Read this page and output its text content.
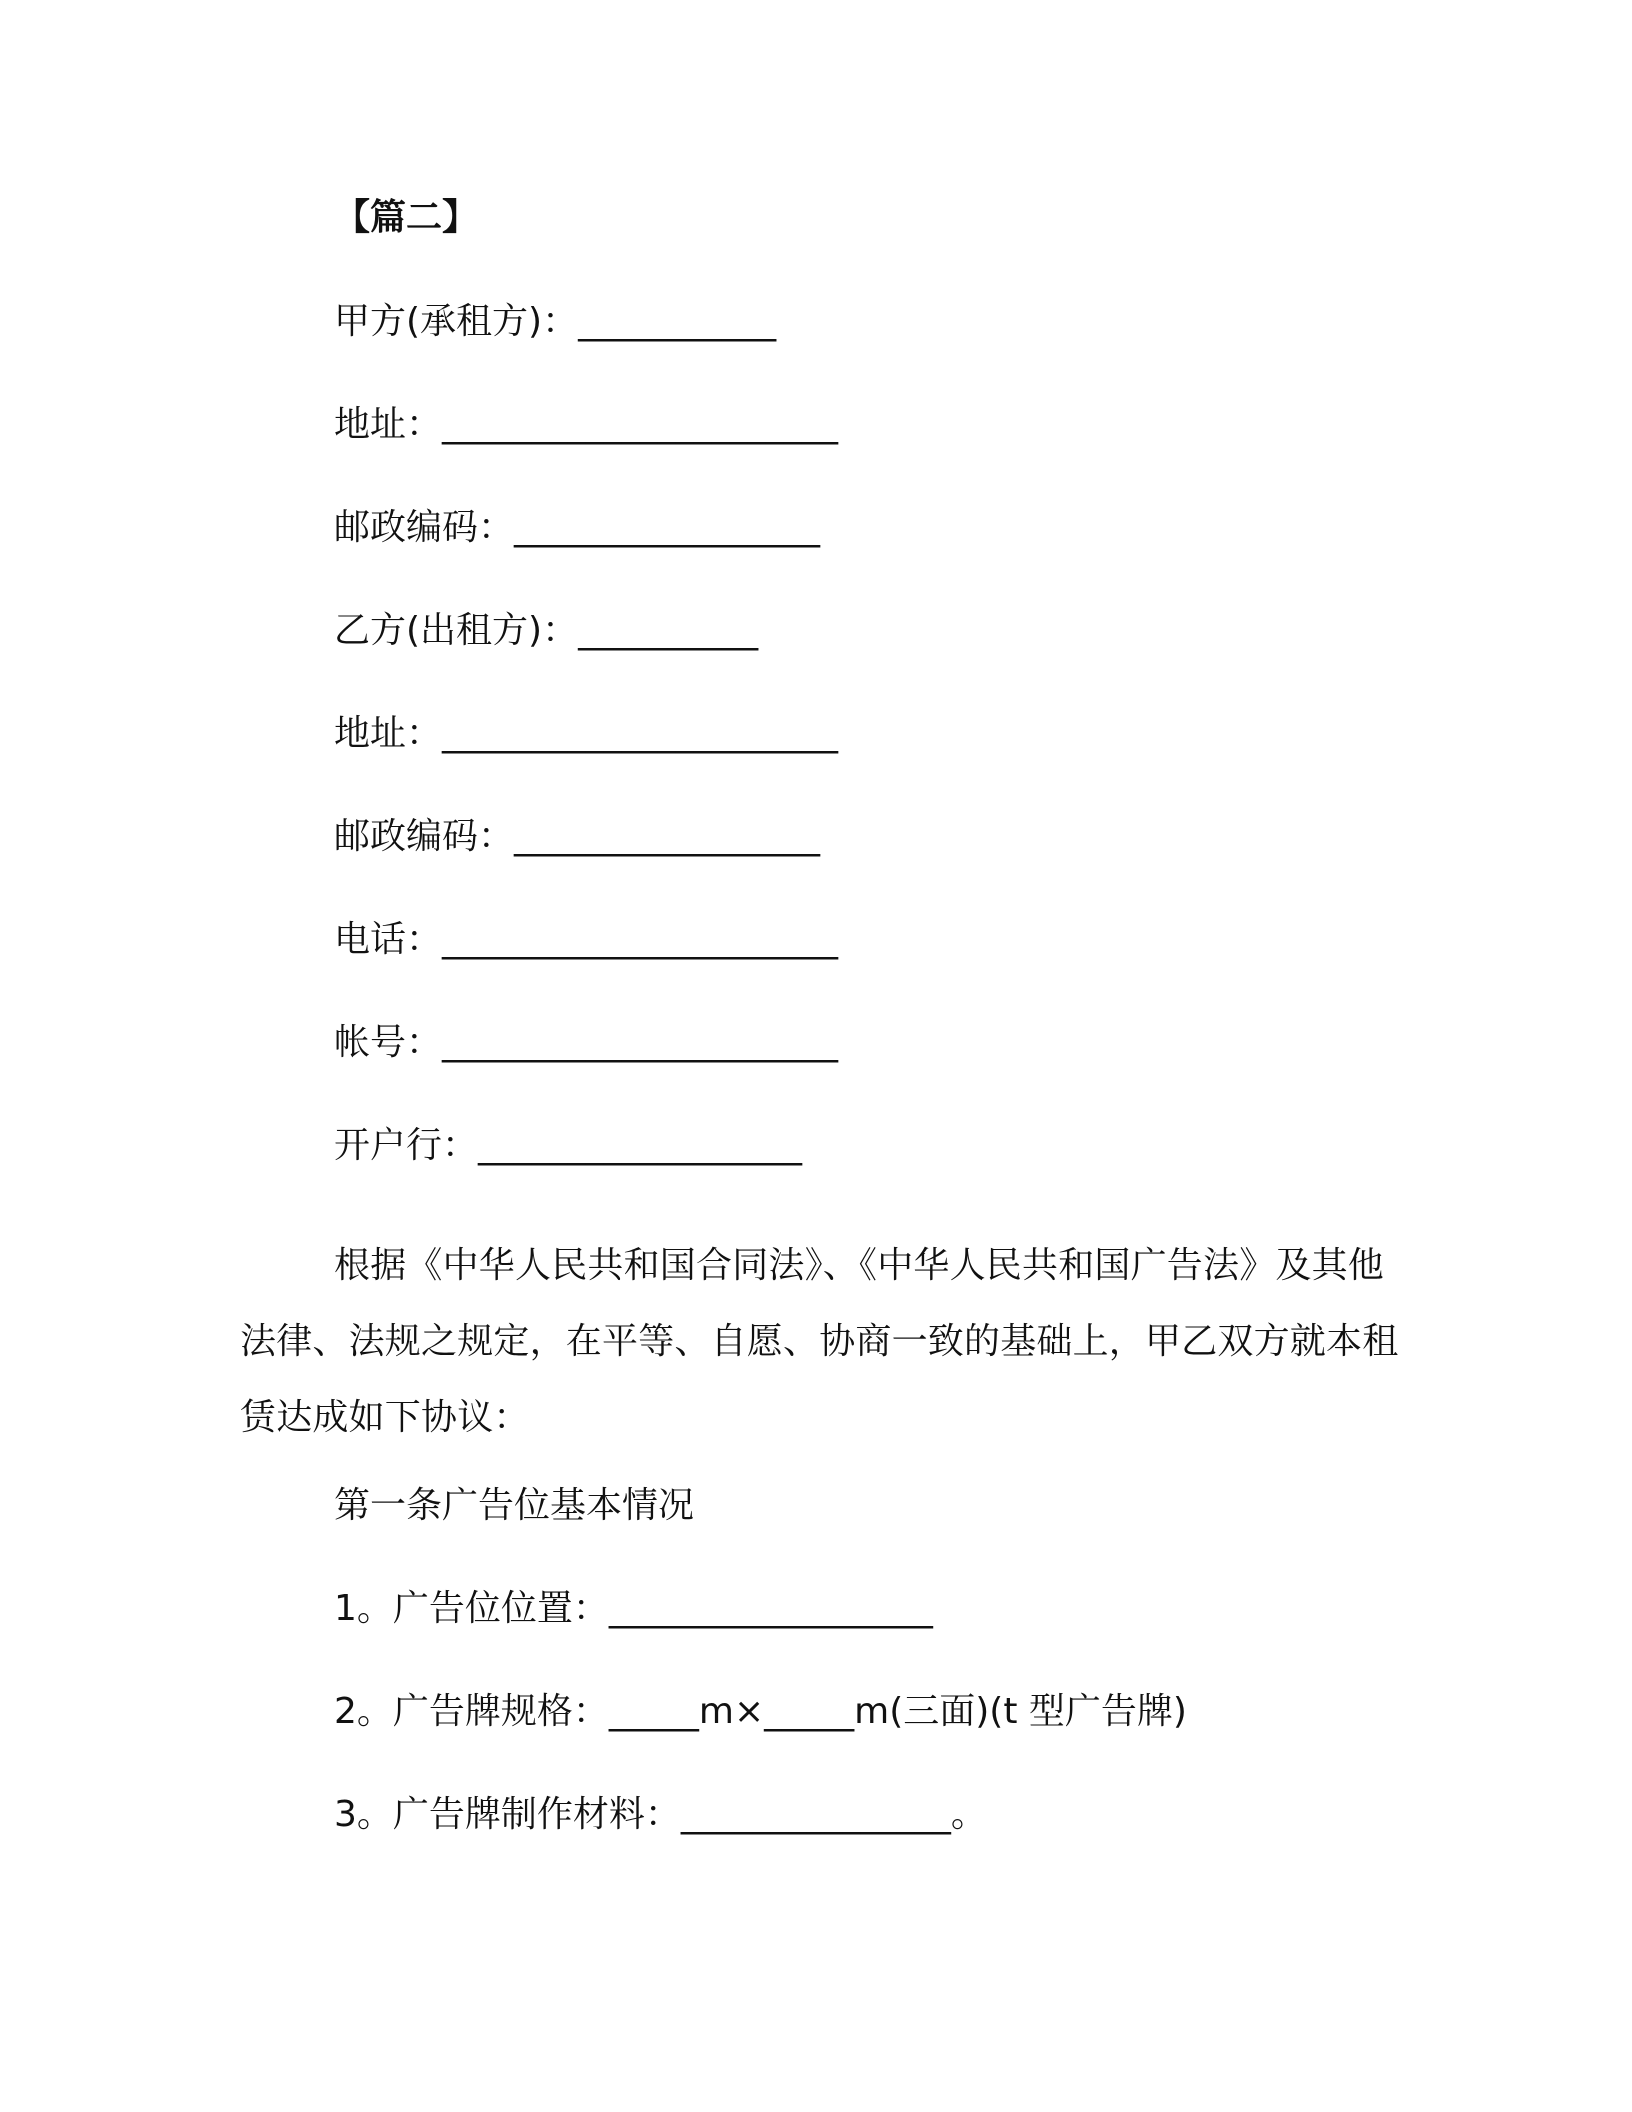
【篇二】

甲方(承租方)：___________

地址：______________________

邮政编码：_________________

乙方(出租方)：__________

地址：______________________

邮政编码：_________________

电话：______________________

帐号：______________________

开户行：__________________

根据《中华人民共和国合同法》、《中华人民共和国广告法》及其他法律、法规之规定，在平等、自愿、协商一致的基础上，甲乙双方就本租赁达成如下协议：

第一条广告位基本情况

1。广告位位置：__________________

2。广告牌规格：_____m×_____m(三面)(t 型广告牌)

3。广告牌制作材料：_______________。
